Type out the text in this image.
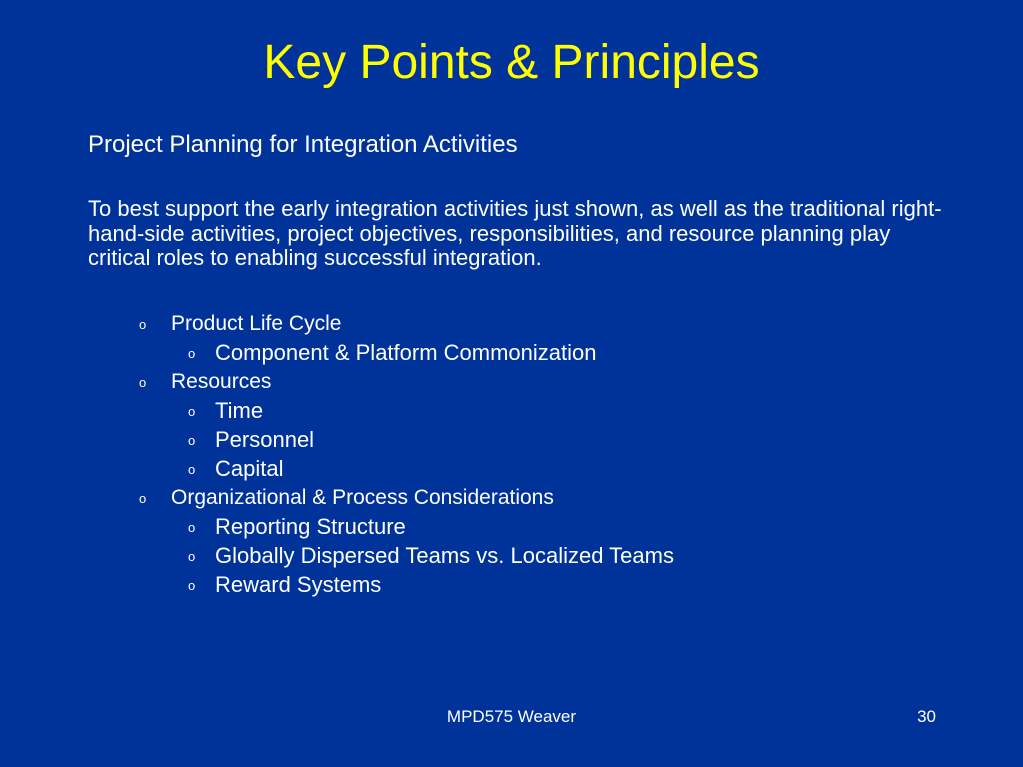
Key Points & Principles
Project Planning for Integration Activities
To best support the early integration activities just shown, as well as the traditional right-hand-side activities, project objectives, responsibilities, and resource planning play critical roles to enabling successful integration.
o Product Life Cycle
o Component & Platform Commonization
o Resources
o Time
o Personnel
o Capital
o Organizational & Process Considerations
o Reporting Structure
o Globally Dispersed Teams vs. Localized Teams
o Reward Systems
MPD575 Weaver	30
